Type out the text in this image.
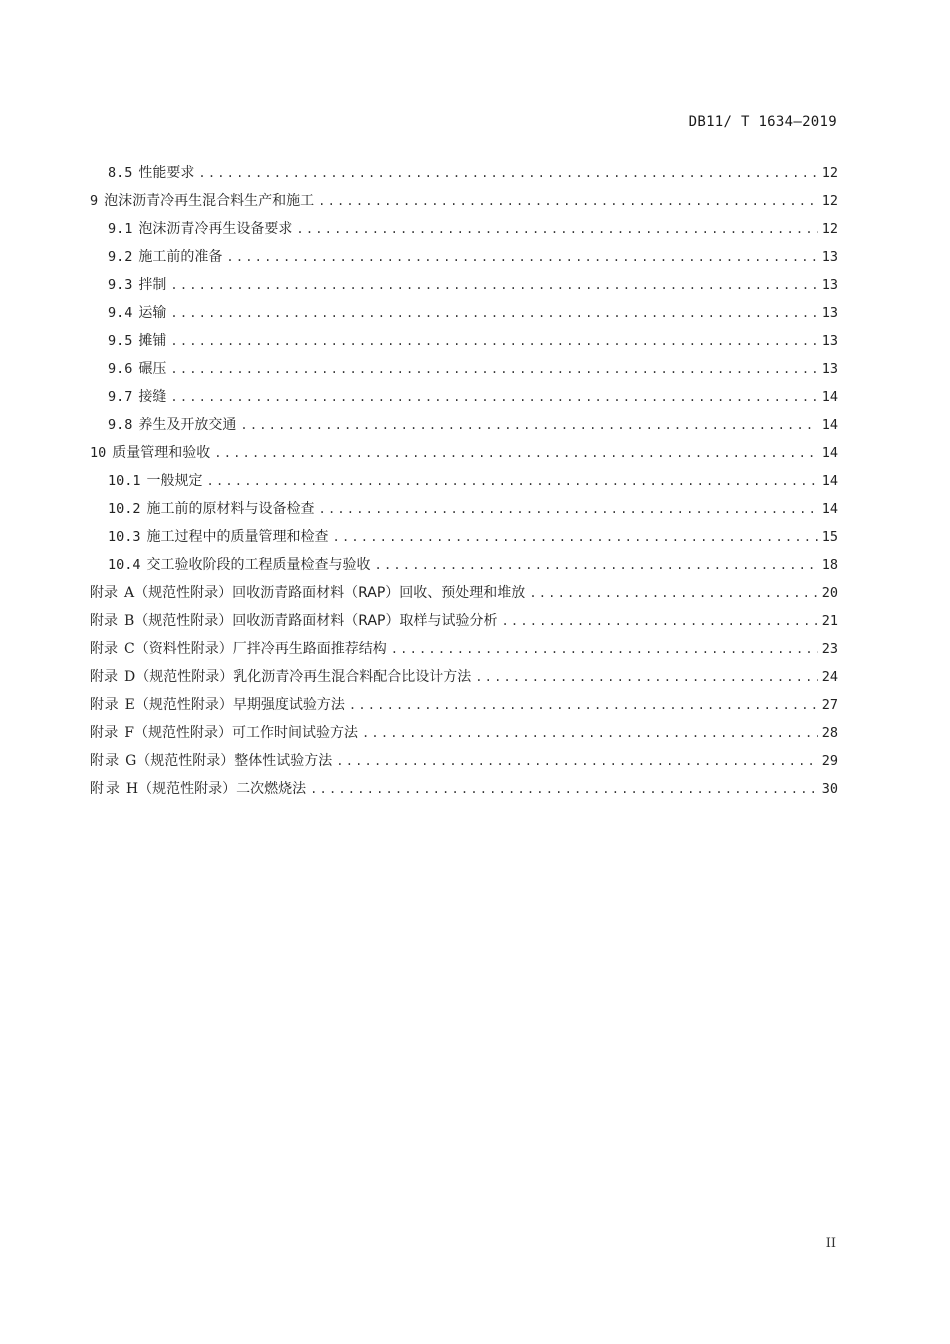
DB11/ T 1634—2019
8.5 性能要求 .....	12
9 泡沫沥青冷再生混合料生产和施工 .....	12
9.1 泡沫沥青冷再生设备要求 .....	12
9.2 施工前的准备 .....	13
9.3 拌制 .....	13
9.4 运输 .....	13
9.5 摊铺 .....	13
9.6 碾压 .....	13
9.7 接缝 .....	14
9.8 养生及开放交通 .....	14
10 质量管理和验收 .....	14
10.1 一般规定 .....	14
10.2 施工前的原材料与设备检查 .....	14
10.3 施工过程中的质量管理和检查 .....	15
10.4 交工验收阶段的工程质量检查与验收 .....	18
附 录 A （规范性附录） 回收沥青路面材料（RAP）回收、预处理和堆放 .....	20
附 录 B （规范性附录） 回收沥青路面材料（RAP）取样与试验分析 .....	21
附 录 C （资料性附录） 厂拌冷再生路面推荐结构 .....	23
附 录 D （规范性附录） 乳化沥青冷再生混合料配合比设计方法 .....	24
附 录 E （规范性附录） 早期强度试验方法 .....	27
附 录 F （规范性附录） 可工作时间试验方法 .....	28
附 录 G （规范性附录） 整体性试验方法 .....	29
附 录 H （规范性附录） 二次燃烧法 .....	30
II
